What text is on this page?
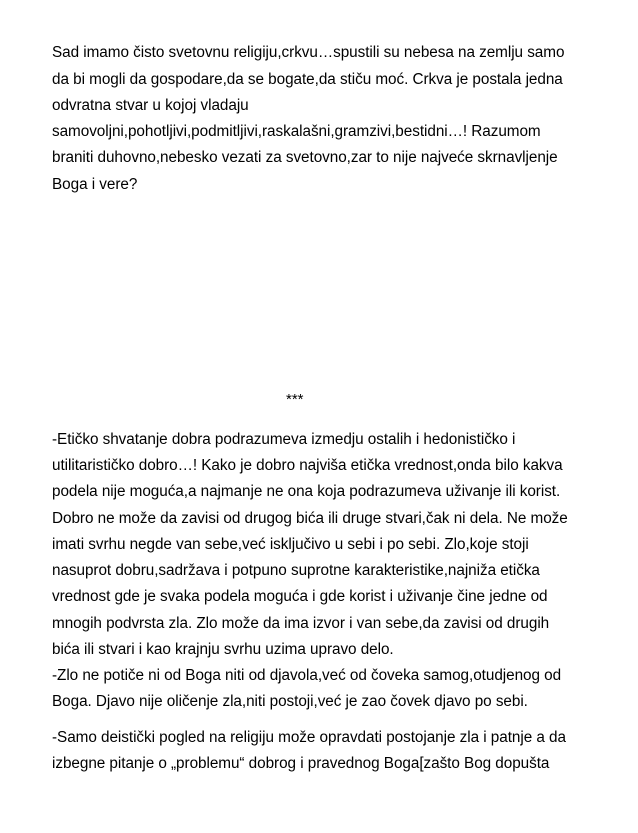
Sad imamo čisto svetovnu religiju,crkvu…spustili su nebesa na zemlju samo
da bi mogli da gospodare,da se bogate,da stiču moć. Crkva je postala jedna
odvratna stvar u kojoj vladaju
samovoljni,pohotljivi,podmitljivi,raskalašni,gramzivi,bestidni…! Razumom
braniti duhovno,nebesko vezati za svetovno,zar to nije najveće skrnavljenje
Boga i vere?
***
-Etičko shvatanje dobra podrazumeva izmedju ostalih i hedonističko i
utilitarističko dobro…! Kako je dobro najviša etička vrednost,onda bilo kakva
podela nije moguća,a najmanje ne ona koja podrazumeva uživanje ili korist.
Dobro ne može da zavisi od drugog bića ili druge stvari,čak ni dela. Ne može
imati svrhu negde van sebe,već isključivo u sebi i po sebi. Zlo,koje stoji
nasuprot dobru,sadržava i potpuno suprotne karakteristike,najniža etička
vrednost gde je svaka podela moguća i gde korist i uživanje čine jedne od
mnogih podvrsta zla. Zlo može da ima izvor i van sebe,da zavisi od drugih
bića ili stvari i kao krajnju svrhu uzima upravo delo.
-Zlo ne potiče ni od Boga niti od djavola,već od čoveka samog,otudjenog od
Boga. Djavo nije oličenje zla,niti postoji,već je zao čovek djavo po sebi.
-Samo deistički pogled na religiju može opravdati postojanje zla i patnje a da
izbegne pitanje o „problemu“ dobrog i pravednog Boga[zašto Bog dopušta
